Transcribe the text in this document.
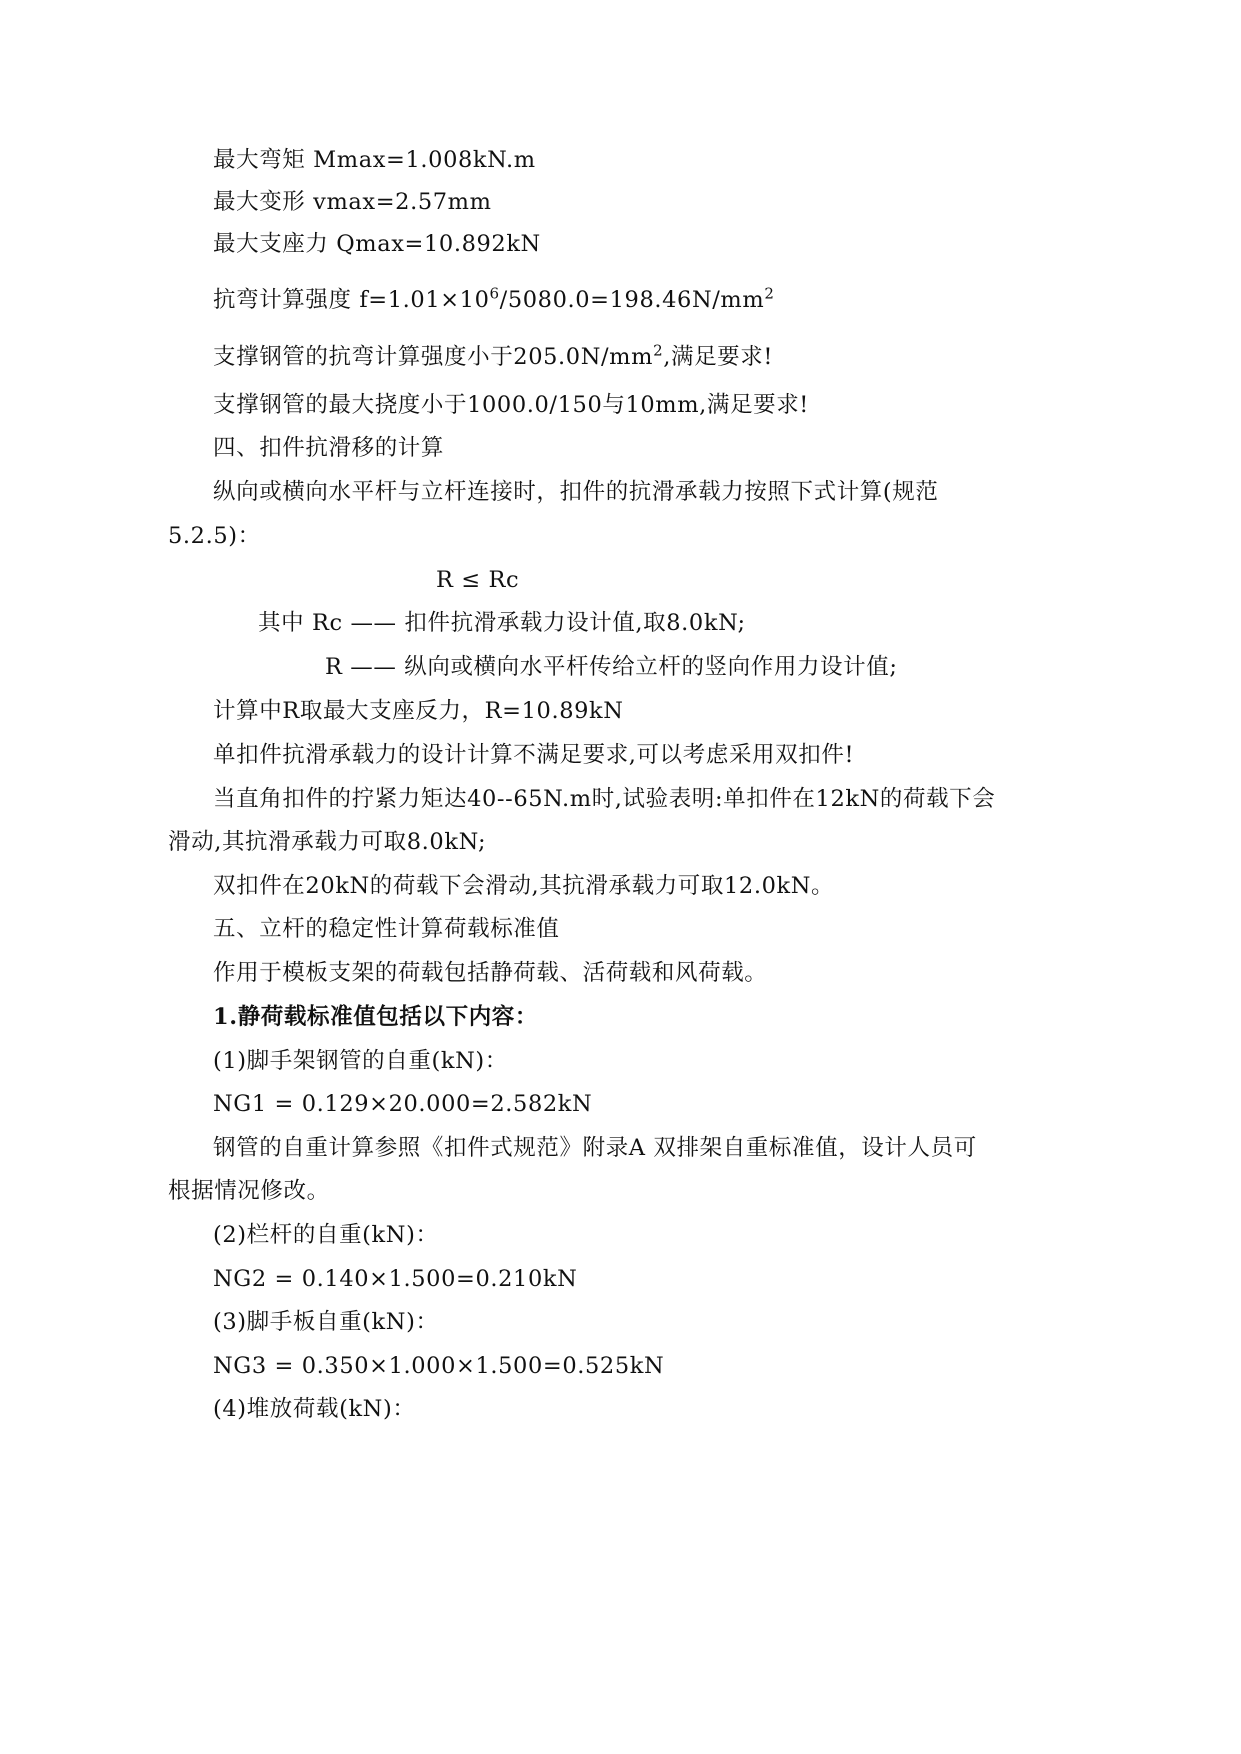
最大弯矩 Mmax=1.008kN.m
最大变形 vmax=2.57mm
最大支座力 Qmax=10.892kN
抗弯计算强度 $f=1.01\times 10^6/5080.0=198.46N/mm^2$
支撑钢管的抗弯计算强度小于$205.0N/mm^2$,满足要求!
支撑钢管的最大挠度小于1000.0/150与10mm,满足要求!
四、扣件抗滑移的计算
纵向或横向水平杆与立杆连接时，扣件的抗滑承载力按照下式计算(规范
5.2.5)：
R ≤ Rc
其中 Rc —— 扣件抗滑承载力设计值,取8.0kN;
R —— 纵向或横向水平杆传给立杆的竖向作用力设计值;
计算中R取最大支座反力，R=10.89kN
单扣件抗滑承载力的设计计算不满足要求,可以考虑采用双扣件!
当直角扣件的拧紧力矩达40--65N.m时,试验表明:单扣件在12kN的荷载下会
滑动,其抗滑承载力可取8.0kN;
双扣件在20kN的荷载下会滑动,其抗滑承载力可取12.0kN。
五、立杆的稳定性计算荷载标准值
作用于模板支架的荷载包括静荷载、活荷载和风荷载。
1.静荷载标准值包括以下内容：
(1)脚手架钢管的自重(kN)：
NG1 = 0.129×20.000=2.582kN
钢管的自重计算参照《扣件式规范》附录A 双排架自重标准值，设计人员可
根据情况修改。
(2)栏杆的自重(kN)：
NG2 = 0.140×1.500=0.210kN
(3)脚手板自重(kN)：
NG3 = 0.350×1.000×1.500=0.525kN
(4)堆放荷载(kN)：
